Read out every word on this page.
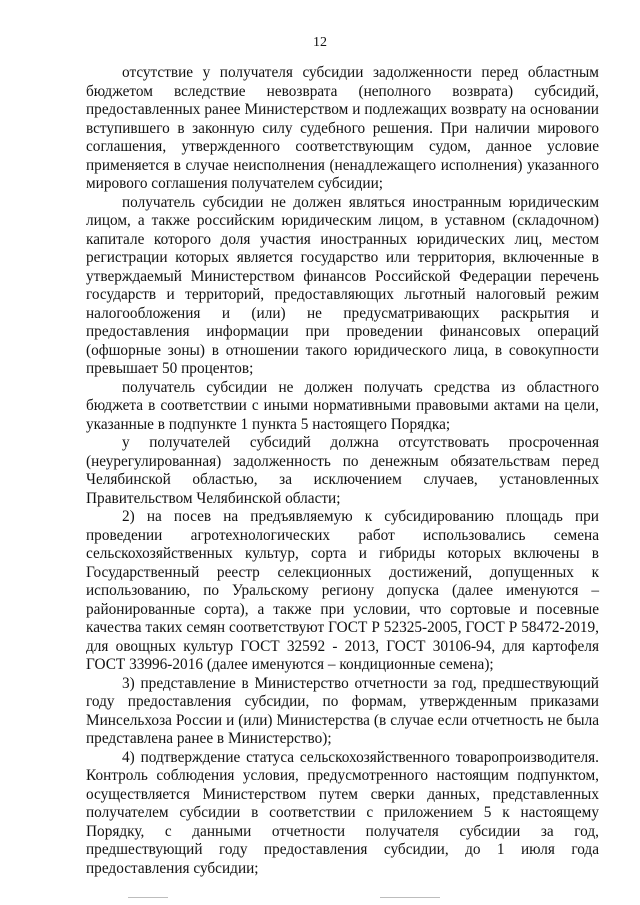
12

отсутствие у получателя субсидии задолженности перед областным бюджетом вследствие невозврата (неполного возврата) субсидий, предоставленных ранее Министерством и подлежащих возврату на основании вступившего в законную силу судебного решения. При наличии мирового соглашения, утвержденного соответствующим судом, данное условие применяется в случае неисполнения (ненадлежащего исполнения) указанного мирового соглашения получателем субсидии;

получатель субсидии не должен являться иностранным юридическим лицом, а также российским юридическим лицом, в уставном (складочном) капитале которого доля участия иностранных юридических лиц, местом регистрации которых является государство или территория, включенные в утверждаемый Министерством финансов Российской Федерации перечень государств и территорий, предоставляющих льготный налоговый режим налогообложения и (или) не предусматривающих раскрытия и предоставления информации при проведении финансовых операций (офшорные зоны) в отношении такого юридического лица, в совокупности превышает 50 процентов;

получатель субсидии не должен получать средства из областного бюджета в соответствии с иными нормативными правовыми актами на цели, указанные в подпункте 1 пункта 5 настоящего Порядка;

у получателей субсидий должна отсутствовать просроченная (неурегулированная) задолженность по денежным обязательствам перед Челябинской областью, за исключением случаев, установленных Правительством Челябинской области;

2) на посев на предъявляемую к субсидированию площадь при проведении агротехнологических работ использовались семена сельскохозяйственных культур, сорта и гибриды которых включены в Государственный реестр селекционных достижений, допущенных к использованию, по Уральскому региону допуска (далее именуются – районированные сорта), а также при условии, что сортовые и посевные качества таких семян соответствуют ГОСТ Р 52325-2005, ГОСТ Р 58472-2019, для овощных культур ГОСТ 32592 - 2013, ГОСТ 30106-94, для картофеля ГОСТ 33996-2016 (далее именуются – кондиционные семена);

3) представление в Министерство отчетности за год, предшествующий году предоставления субсидии, по формам, утвержденным приказами Минсельхоза России и (или) Министерства (в случае если отчетность не была представлена ранее в Министерство);

4) подтверждение статуса сельскохозяйственного товаропроизводителя. Контроль соблюдения условия, предусмотренного настоящим подпунктом, осуществляется Министерством путем сверки данных, представленных получателем субсидии в соответствии с приложением 5 к настоящему Порядку, с данными отчетности получателя субсидии за год, предшествующий году предоставления субсидии, до 1 июля года предоставления субсидии;
